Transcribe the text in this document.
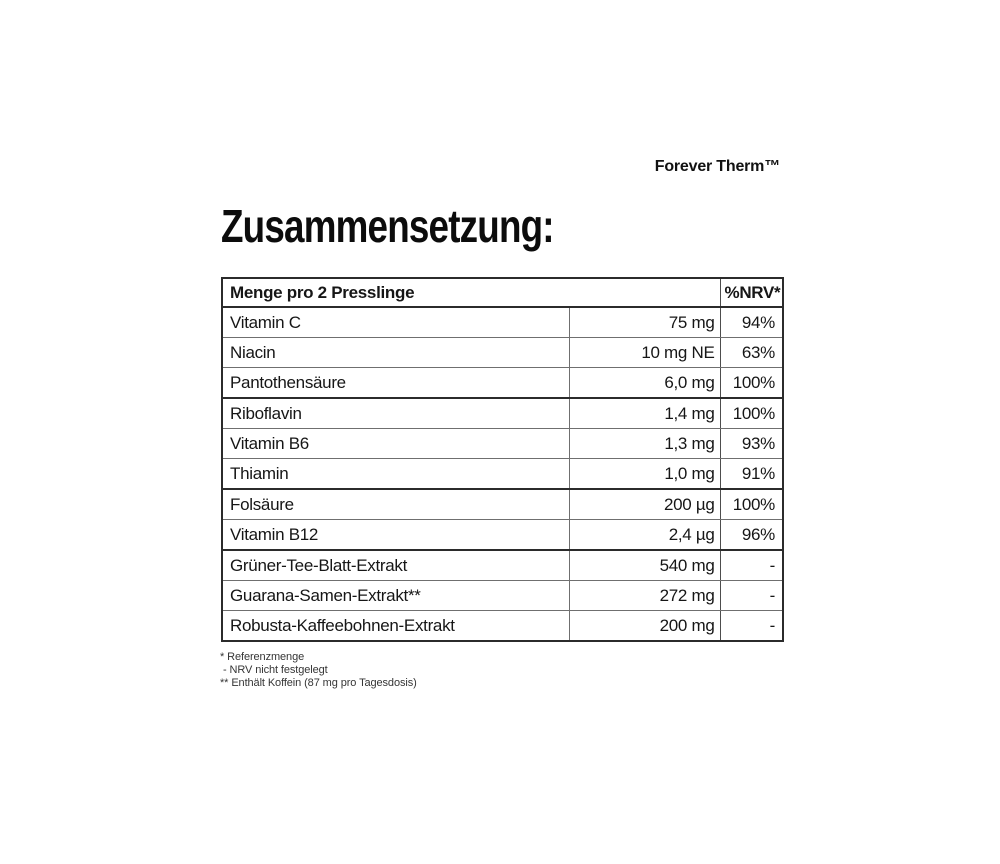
Forever Therm™
Zusammensetzung:
Menge pro 2 Presslinge		%NRV*
Vitamin C	75 mg	94%
Niacin	10 mg NE	63%
Pantothensäure	6,0 mg	100%
Riboflavin	1,4 mg	100%
Vitamin B6	1,3 mg	93%
Thiamin	1,0 mg	91%
Folsäure	200 µg	100%
Vitamin B12	2,4 µg	96%
Grüner-Tee-Blatt-Extrakt	540 mg	-
Guarana-Samen-Extrakt**	272 mg	-
Robusta-Kaffeebohnen-Extrakt	200 mg	-
* Referenzmenge
- NRV nicht festgelegt
** Enthält Koffein (87 mg pro Tagesdosis)
